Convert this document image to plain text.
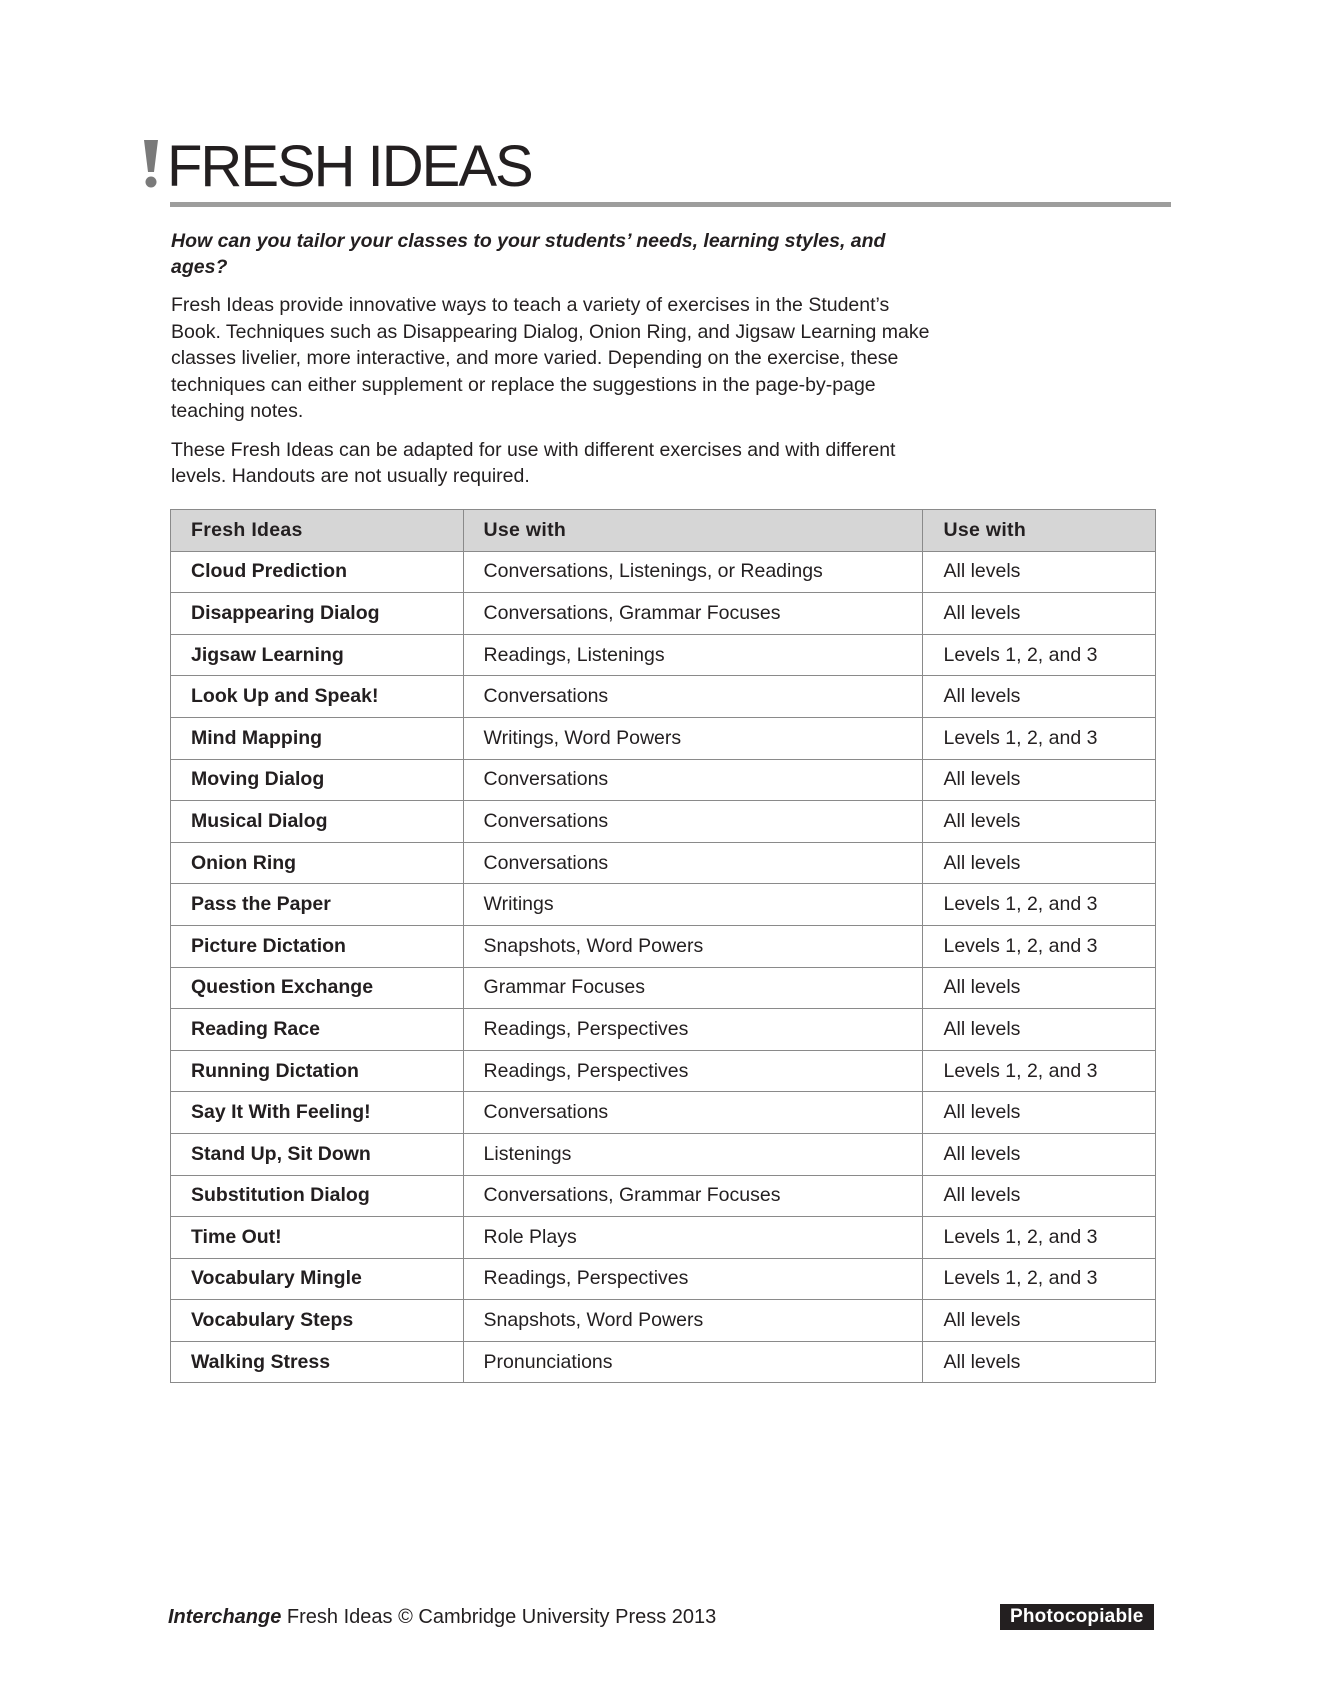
FRESH IDEAS

How can you tailor your classes to your students’ needs, learning styles, and ages?

Fresh Ideas provide innovative ways to teach a variety of exercises in the Student’s Book. Techniques such as Disappearing Dialog, Onion Ring, and Jigsaw Learning make classes livelier, more interactive, and more varied. Depending on the exercise, these techniques can either supplement or replace the suggestions in the page-by-page teaching notes.

These Fresh Ideas can be adapted for use with different exercises and with different levels. Handouts are not usually required.

Fresh Ideas	Use with	Use with
Cloud Prediction	Conversations, Listenings, or Readings	All levels
Disappearing Dialog	Conversations, Grammar Focuses	All levels
Jigsaw Learning	Readings, Listenings	Levels 1, 2, and 3
Look Up and Speak!	Conversations	All levels
Mind Mapping	Writings, Word Powers	Levels 1, 2, and 3
Moving Dialog	Conversations	All levels
Musical Dialog	Conversations	All levels
Onion Ring	Conversations	All levels
Pass the Paper	Writings	Levels 1, 2, and 3
Picture Dictation	Snapshots, Word Powers	Levels 1, 2, and 3
Question Exchange	Grammar Focuses	All levels
Reading Race	Readings, Perspectives	All levels
Running Dictation	Readings, Perspectives	Levels 1, 2, and 3
Say It With Feeling!	Conversations	All levels
Stand Up, Sit Down	Listenings	All levels
Substitution Dialog	Conversations, Grammar Focuses	All levels
Time Out!	Role Plays	Levels 1, 2, and 3
Vocabulary Mingle	Readings, Perspectives	Levels 1, 2, and 3
Vocabulary Steps	Snapshots, Word Powers	All levels
Walking Stress	Pronunciations	All levels
Interchange Fresh Ideas © Cambridge University Press 2013	Photocopiable
